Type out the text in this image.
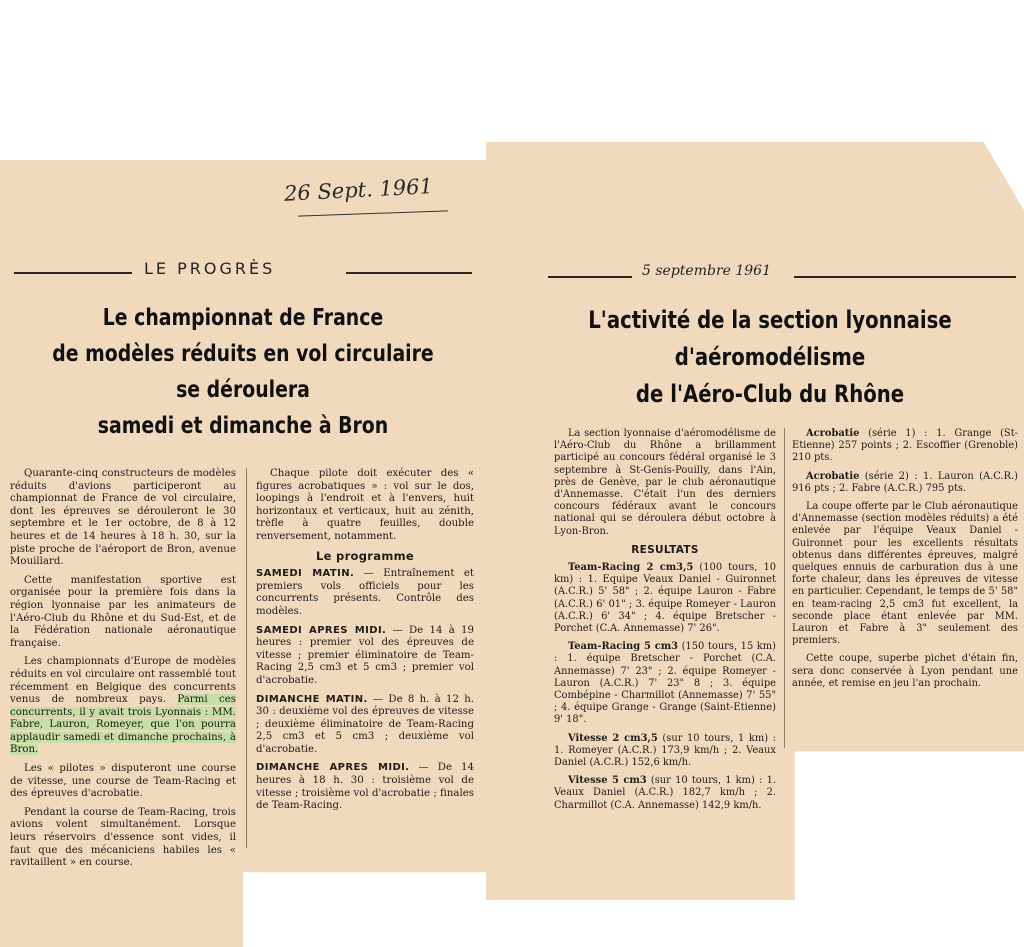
26 Sept. 1961
LE PROGRÈS
Le championnat de France
de modèles réduits en vol circulaire
se déroulera
samedi et dimanche à Bron

Quarante-cinq constructeurs de modèles réduits d'avions participeront au championnat de France de vol circulaire, dont les épreuves se dérouleront le 30 septembre et le 1er octobre, de 8 à 12 heures et de 14 heures à 18 h. 30, sur la piste proche de l'aéroport de Bron, avenue Mouillard.

Cette manifestation sportive est organisée pour la première fois dans la région lyonnaise par les animateurs de l'Aéro-Club du Rhône et du Sud-Est, et de la Fédération nationale aéronautique française.

Les championnats d'Europe de modèles réduits en vol circulaire ont rassemblé tout récemment en Belgique des concurrents venus de nombreux pays. Parmi ces concurrents, il y avait trois Lyonnais : MM. Fabre, Lauron, Romeyer, que l'on pourra applaudir samedi et dimanche prochains, à Bron.

Les « pilotes » disputeront une course de vitesse, une course de Team-Racing et des épreuves d'acrobatie.

Pendant la course de Team-Racing, trois avions volent simultanément. Lorsque leurs réservoirs d'essence sont vides, il faut que des mécaniciens habiles les « ravitaillent » en course.

Chaque pilote doit exécuter des « figures acrobatiques » : vol sur le dos, loopings à l'endroit et à l'envers, huit horizontaux et verticaux, huit au zénith, trèfle à quatre feuilles, double renversement, notamment.

Le programme

SAMEDI MATIN. — Entraînement et premiers vols officiels pour les concurrents présents. Contrôle des modèles.

SAMEDI APRES MIDI. — De 14 à 19 heures : premier vol des épreuves de vitesse ; premier éliminatoire de Team-Racing 2,5 cm3 et 5 cm3 ; premier vol d'acrobatie.

DIMANCHE MATIN. — De 8 h. à 12 h. 30 : deuxième vol des épreuves de vitesse ; deuxième éliminatoire de Team-Racing 2,5 cm3 et 5 cm3 ; deuxième vol d'acrobatie.

DIMANCHE APRES MIDI. — De 14 heures à 18 h. 30 : troisième vol de vitesse ; troisième vol d'acrobatie ; finales de Team-Racing.

5 septembre 1961
L'activité de la section lyonnaise
d'aéromodélisme
de l'Aéro-Club du Rhône

La section lyonnaise d'aéromodélisme de l'Aéro-Club du Rhône a brillamment participé au concours fédéral organisé le 3 septembre à St-Genis-Pouilly, dans l'Ain, près de Genève, par le club aéronautique d'Annemasse. C'était l'un des derniers concours fédéraux avant le concours national qui se déroulera début octobre à Lyon-Bron.

RESULTATS

Team-Racing 2 cm3,5 (100 tours, 10 km) : 1. Equipe Veaux Daniel - Guironnet (A.C.R.) 5' 58" ; 2. équipe Lauron - Fabre (A.C.R.) 6' 01" ; 3. équipe Romeyer - Lauron (A.C.R.) 6' 34" ; 4. équipe Bretscher - Porchet (C.A. Annemasse) 7' 26".

Team-Racing 5 cm3 (150 tours, 15 km) : 1. équipe Bretscher - Porchet (C.A. Annemasse) 7' 23" ; 2. équipe Romeyer - Lauron (A.C.R.) 7' 23" 8 ; 3. équipe Combépine - Charmillot (Annemasse) 7' 55" ; 4. équipe Grange - Grange (Saint-Etienne) 9' 18".

Vitesse 2 cm3,5 (sur 10 tours, 1 km) : 1. Romeyer (A.C.R.) 173,9 km/h ; 2. Veaux Daniel (A.C.R.) 152,6 km/h.

Vitesse 5 cm3 (sur 10 tours, 1 km) : 1. Veaux Daniel (A.C.R.) 182,7 km/h ; 2. Charmillot (C.A. Annemasse) 142,9 km/h.

Acrobatie (série 1) : 1. Grange (St-Etienne) 257 points ; 2. Escoffier (Grenoble) 210 pts.

Acrobatie (série 2) : 1. Lauron (A.C.R.) 916 pts ; 2. Fabre (A.C.R.) 795 pts.

La coupe offerte par le Club aéronautique d'Annemasse (section modèles réduits) a été enlevée par l'équipe Veaux Daniel - Guironnet pour les excellents résultats obtenus dans différentes épreuves, malgré quelques ennuis de carburation dus à une forte chaleur, dans les épreuves de vitesse en particulier. Cependant, le temps de 5' 58" en team-racing 2,5 cm3 fut excellent, la seconde place étant enlevée par MM. Lauron et Fabre à 3" seulement des premiers.

Cette coupe, superbe pichet d'étain fin, sera donc conservée à Lyon pendant une année, et remise en jeu l'an prochain.
